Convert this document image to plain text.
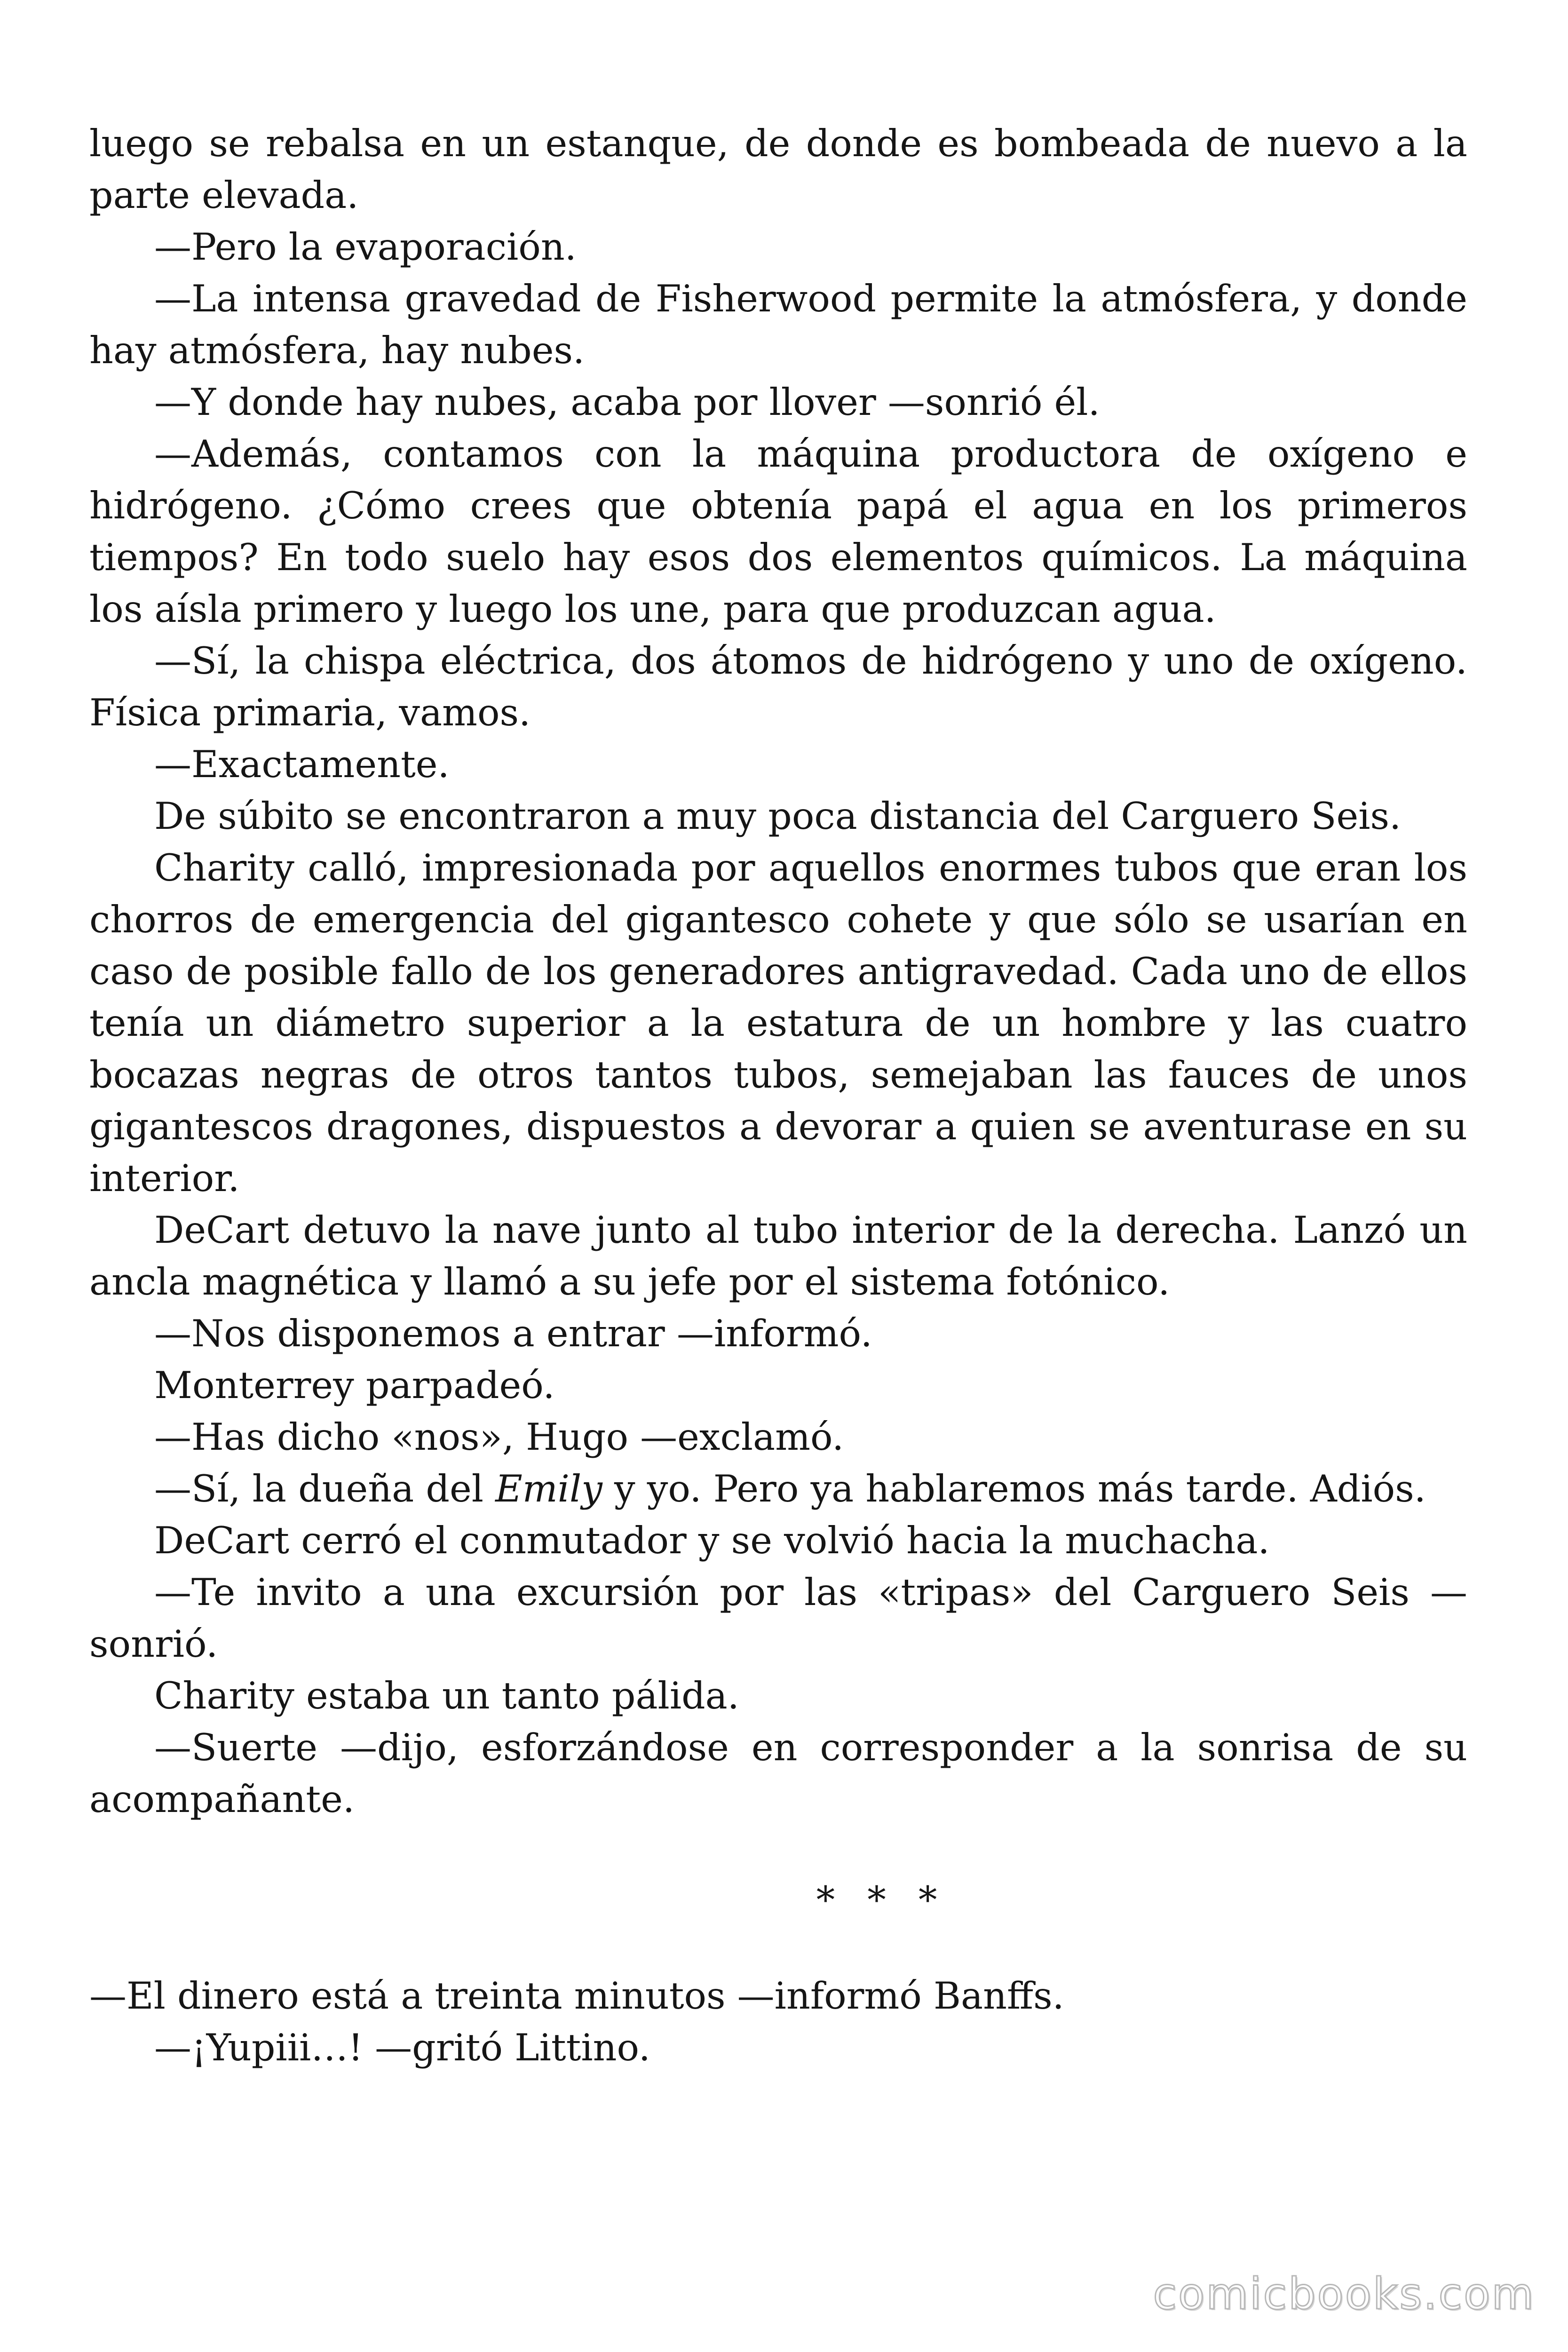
luego se rebalsa en un estanque, de donde es bombeada de nuevo a la parte elevada.

—Pero la evaporación.

—La intensa gravedad de Fisherwood permite la atmósfera, y donde hay atmósfera, hay nubes.

—Y donde hay nubes, acaba por llover —sonrió él.

—Además, contamos con la máquina productora de oxígeno e hidrógeno. ¿Cómo crees que obtenía papá el agua en los primeros tiempos? En todo suelo hay esos dos elementos químicos. La máquina los aísla primero y luego los une, para que produzcan agua.

—Sí, la chispa eléctrica, dos átomos de hidrógeno y uno de oxígeno. Física primaria, vamos.

—Exactamente.

De súbito se encontraron a muy poca distancia del Carguero Seis.

Charity calló, impresionada por aquellos enormes tubos que eran los chorros de emergencia del gigantesco cohete y que sólo se usarían en caso de posible fallo de los generadores antigravedad. Cada uno de ellos tenía un diámetro superior a la estatura de un hombre y las cuatro bocazas negras de otros tantos tubos, semejaban las fauces de unos gigantescos dragones, dispuestos a devorar a quien se aventurase en su interior.

DeCart detuvo la nave junto al tubo interior de la derecha. Lanzó un ancla magnética y llamó a su jefe por el sistema fotónico.

—Nos disponemos a entrar —informó.

Monterrey parpadeó.

—Has dicho «nos», Hugo —exclamó.

—Sí, la dueña del Emily y yo. Pero ya hablaremos más tarde. Adiós.

DeCart cerró el conmutador y se volvió hacia la muchacha.

—Te invito a una excursión por las «tripas» del Carguero Seis — sonrió.

Charity estaba un tanto pálida.

—Suerte —dijo, esforzándose en corresponder a la sonrisa de su acompañante.

* * *

—El dinero está a treinta minutos —informó Banffs.

—¡Yupiii…! —gritó Littino.

comicbooks.com
